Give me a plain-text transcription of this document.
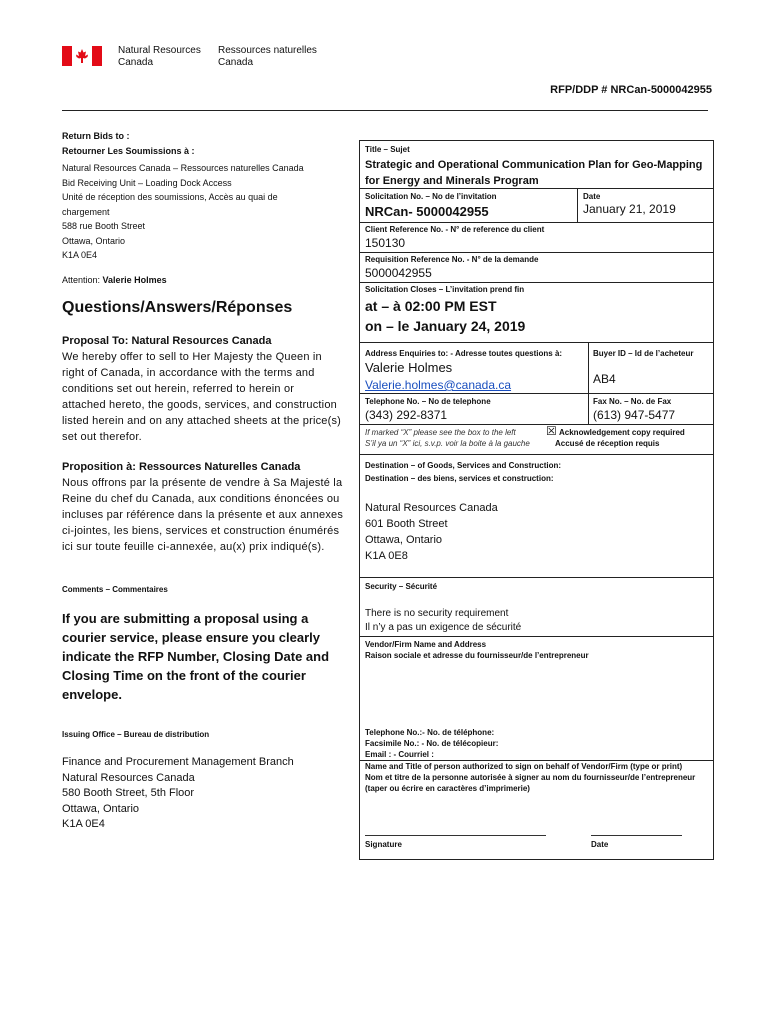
Natural Resources
Canada
Ressources naturelles
Canada
RFP/DDP # NRCan-5000042955
Return Bids to :
Retourner Les Soumissions à :
Natural Resources Canada – Ressources naturelles Canada
Bid Receiving Unit – Loading Dock Access
Unité de réception des soumissions, Accès au quai de
chargement
588 rue Booth Street
Ottawa, Ontario
K1A 0E4
Attention: Valerie Holmes
Questions/Answers/Réponses
Proposal To: Natural Resources Canada
We hereby offer to sell to Her Majesty the Queen in
right of Canada, in accordance with the terms and
conditions set out herein, referred to herein or
attached hereto, the goods, services, and construction
listed herein and on any attached sheets at the price(s)
set out therefor.
Proposition à: Ressources Naturelles Canada
Nous offrons par la présente de vendre à Sa Majesté la
Reine du chef du Canada, aux conditions énoncées ou
incluses par référence dans la présente et aux annexes
ci-jointes, les biens, services et construction énumérés
ici sur toute feuille ci-annexée, au(x) prix indiqué(s).
Comments – Commentaires
If you are submitting a proposal using a
courier service, please ensure you clearly
indicate the RFP Number, Closing Date and
Closing Time on the front of the courier
envelope.
Issuing Office – Bureau de distribution
Finance and Procurement Management Branch
Natural Resources Canada
580 Booth Street, 5th Floor
Ottawa, Ontario
K1A 0E4
Title – Sujet
Strategic and Operational Communication Plan for Geo-Mapping
for Energy and Minerals Program
Solicitation No. – No de l’invitation
NRCan- 5000042955
Date
January 21, 2019
Client Reference No. - N° de reference du client
150130
Requisition Reference No. - N° de la demande
5000042955
Solicitation Closes – L’invitation prend fin
at – à 02:00 PM EST
on – le January 24, 2019
Address Enquiries to: - Adresse toutes questions à:
Valerie Holmes
Valerie.holmes@canada.ca
Buyer ID – Id de l’acheteur
AB4
Telephone No. – No de telephone
(343) 292-8371
Fax No. – No. de Fax
(613) 947-5477
If marked “X” please see the box to the left
S’il ya un “X” ici, s.v.p. voir la boite à la gauche
☒ Acknowledgement copy required
Accusé de réception requis
Destination – of Goods, Services and Construction:
Destination – des biens, services et construction:
Natural Resources Canada
601 Booth Street
Ottawa, Ontario
K1A 0E8
Security – Sécurité
There is no security requirement
Il n’y a pas un exigence de sécurité
Vendor/Firm Name and Address
Raison sociale et adresse du fournisseur/de l’entrepreneur
Telephone No.:- No. de téléphone:
Facsimile No.: - No. de télécopieur:
Email : - Courriel :
Name and Title of person authorized to sign on behalf of Vendor/Firm (type or print)
Nom et titre de la personne autorisée à signer au nom du fournisseur/de l’entrepreneur
(taper ou écrire en caractères d’imprimerie)
Signature	Date
